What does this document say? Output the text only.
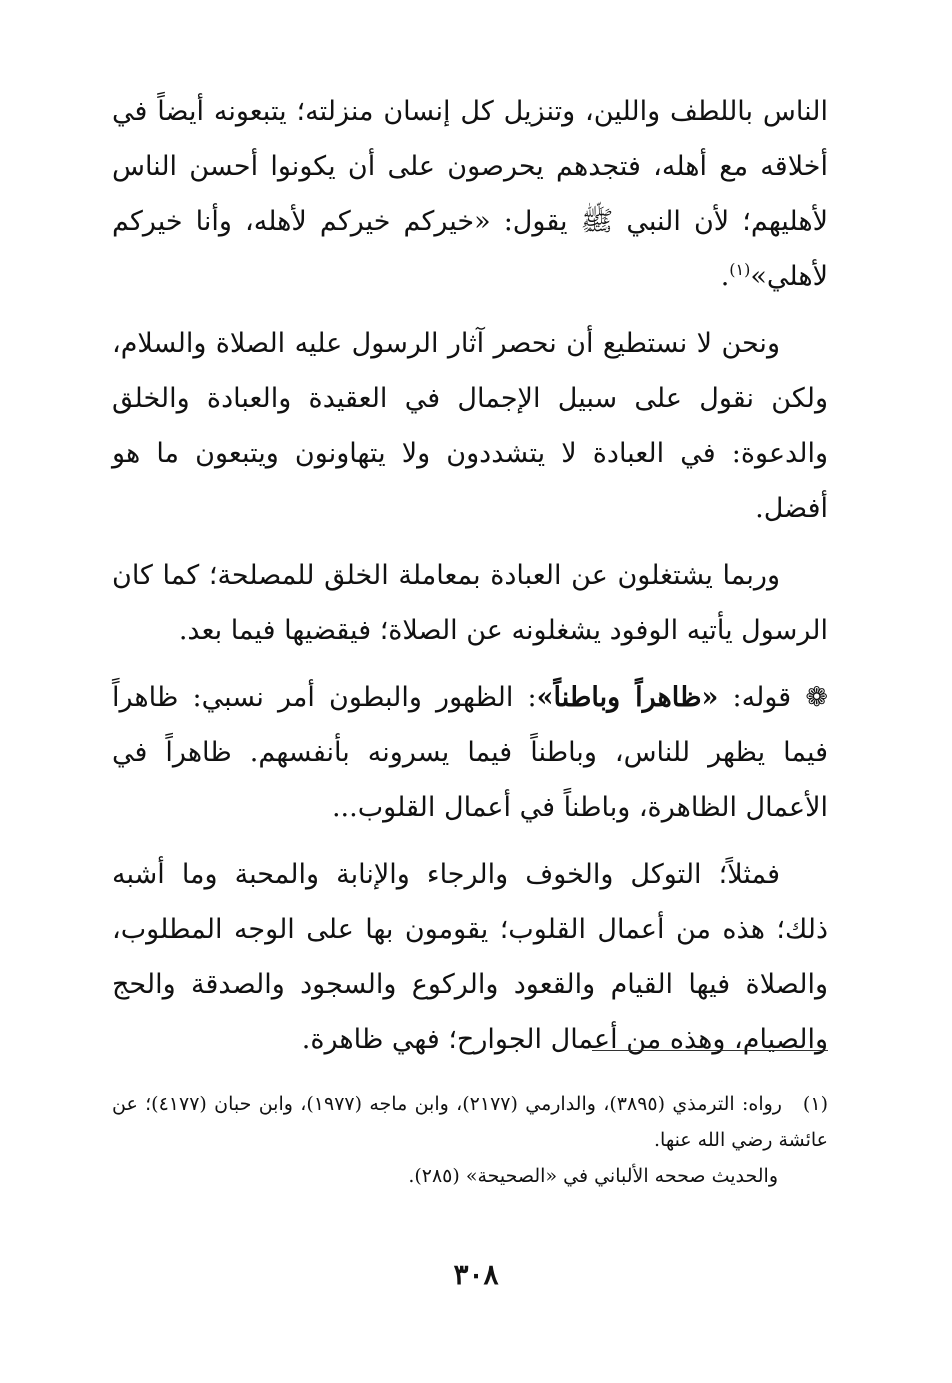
الناس باللطف واللين، وتنزيل كل إنسان منزلته؛ يتبعونه أيضاً في أخلاقه مع أهله، فتجدهم يحرصون على أن يكونوا أحسن الناس لأهليهم؛ لأن النبي ﷺ يقول: «خيركم خيركم لأهله، وأنا خيركم لأهلي»$^{(١)}$.

ونحن لا نستطيع أن نحصر آثار الرسول عليه الصلاة والسلام، ولكن نقول على سبيل الإجمال في العقيدة والعبادة والخلق والدعوة: في العبادة لا يتشددون ولا يتهاونون ويتبعون ما هو أفضل.

وربما يشتغلون عن العبادة بمعاملة الخلق للمصلحة؛ كما كان الرسول يأتيه الوفود يشغلونه عن الصلاة؛ فيقضيها فيما بعد.

❁ قوله: «ظاهراً وباطناً»: الظهور والبطون أمر نسبي: ظاهراً فيما يظهر للناس، وباطناً فيما يسرونه بأنفسهم. ظاهراً في الأعمال الظاهرة، وباطناً في أعمال القلوب...

فمثلاً؛ التوكل والخوف والرجاء والإنابة والمحبة وما أشبه ذلك؛ هذه من أعمال القلوب؛ يقومون بها على الوجه المطلوب، والصلاة فيها القيام والقعود والركوع والسجود والصدقة والحج والصيام، وهذه من أعمال الجوارح؛ فهي ظاهرة.

(١)رواه: الترمذي (٣٨٩٥)، والدارمي (٢١٧٧)، وابن ماجه (١٩٧٧)، وابن حبان (٤١٧٧)؛ عن عائشة رضي الله عنها.

والحديث صححه الألباني في «الصحيحة» (٢٨٥).

٣٠٨
